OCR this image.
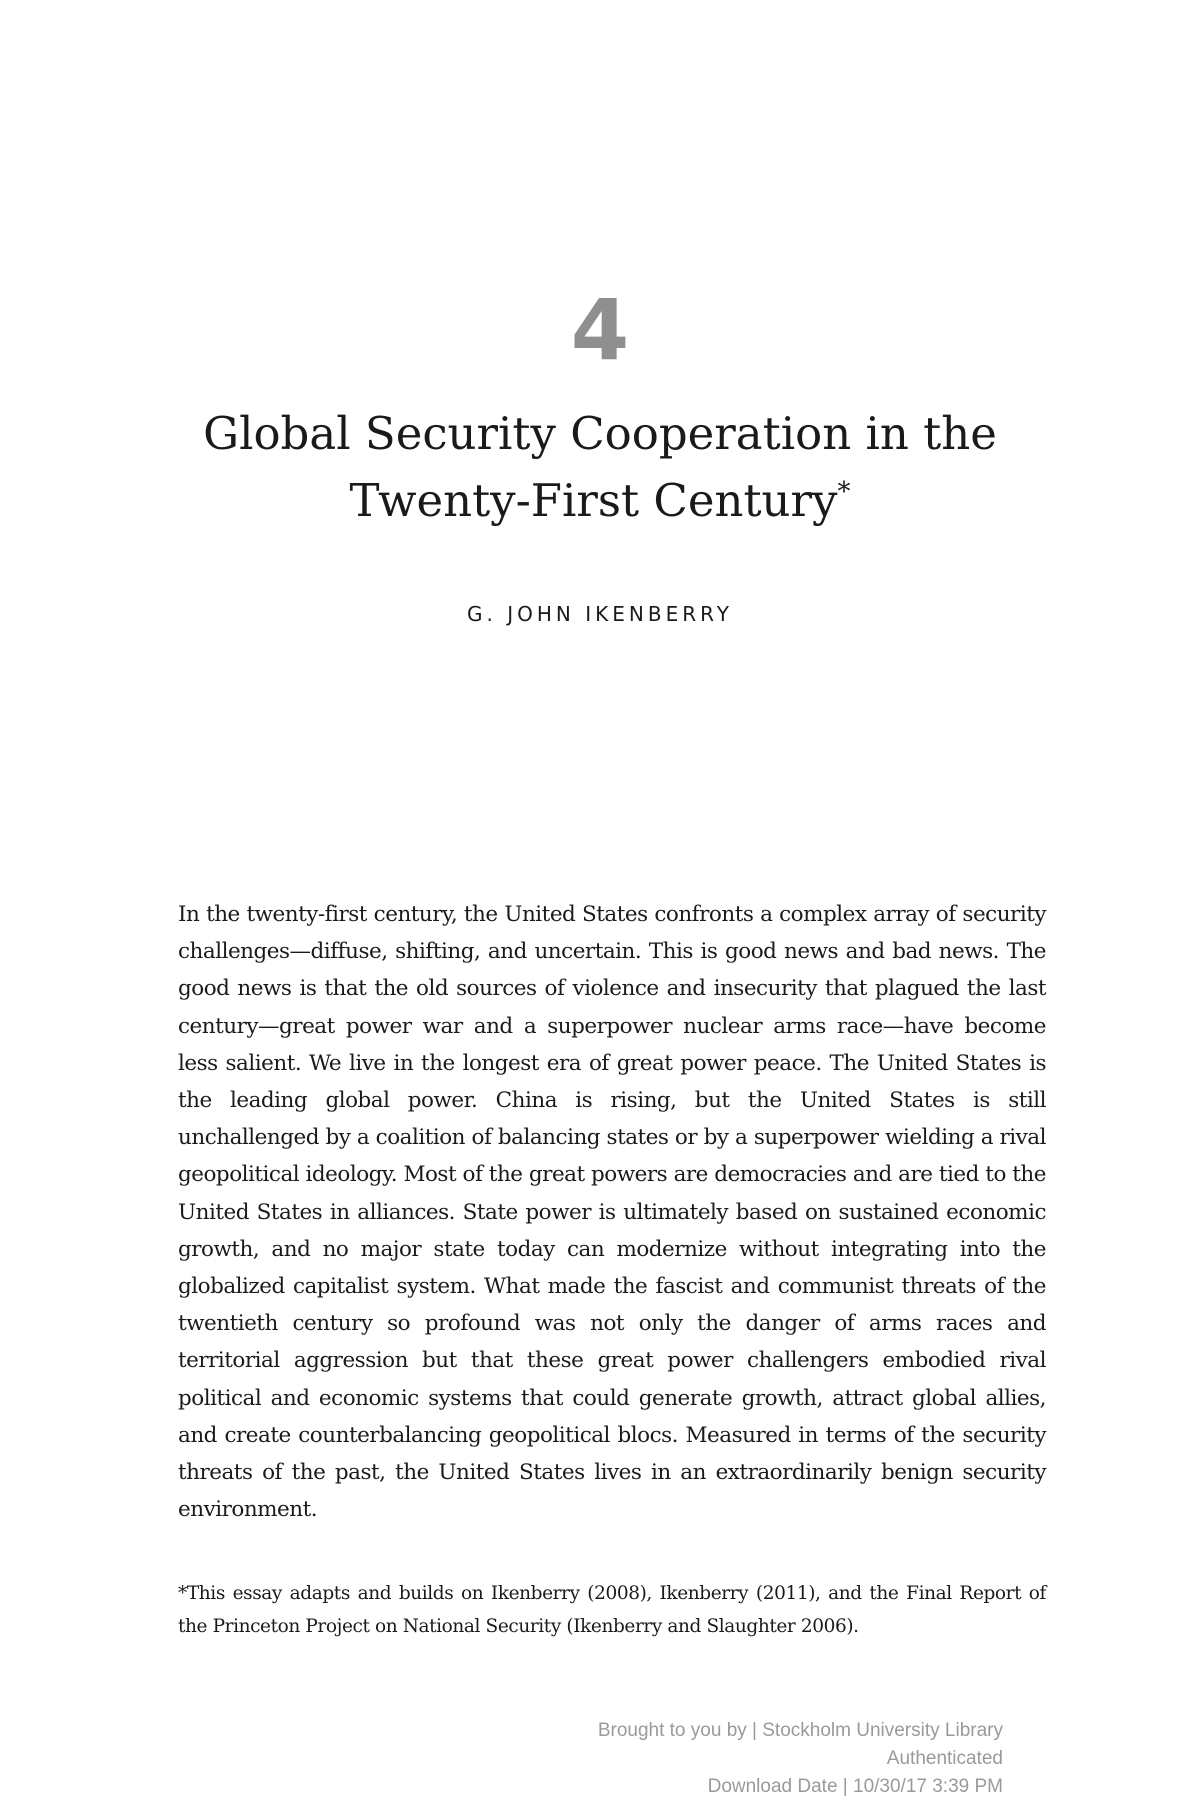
4
Global Security Cooperation in the
Twenty-First Century*
G. JOHN IKENBERRY

In the twenty-first century, the United States confronts a complex array of security challenges—diffuse, shifting, and uncertain. This is good news and bad news. The good news is that the old sources of violence and insecurity that plagued the last century—great power war and a superpower nuclear arms race—have become less salient. We live in the longest era of great power peace. The United States is the leading global power. China is rising, but the United States is still unchallenged by a coalition of balancing states or by a superpower wielding a rival geopolitical ideology. Most of the great powers are democracies and are tied to the United States in alliances. State power is ultimately based on sustained economic growth, and no major state today can modernize without integrating into the globalized capitalist system. What made the fascist and communist threats of the twentieth century so profound was not only the danger of arms races and territorial aggression but that these great power challengers embodied rival political and economic systems that could generate growth, attract global allies, and create counterbalancing geopolitical blocs. Measured in terms of the security threats of the past, the United States lives in an extraordinarily benign security environment.

*This essay adapts and builds on Ikenberry (2008), Ikenberry (2011), and the Final Report of the Princeton Project on National Security (Ikenberry and Slaughter 2006).

Brought to you by | Stockholm University Library
Authenticated
Download Date | 10/30/17 3:39 PM
